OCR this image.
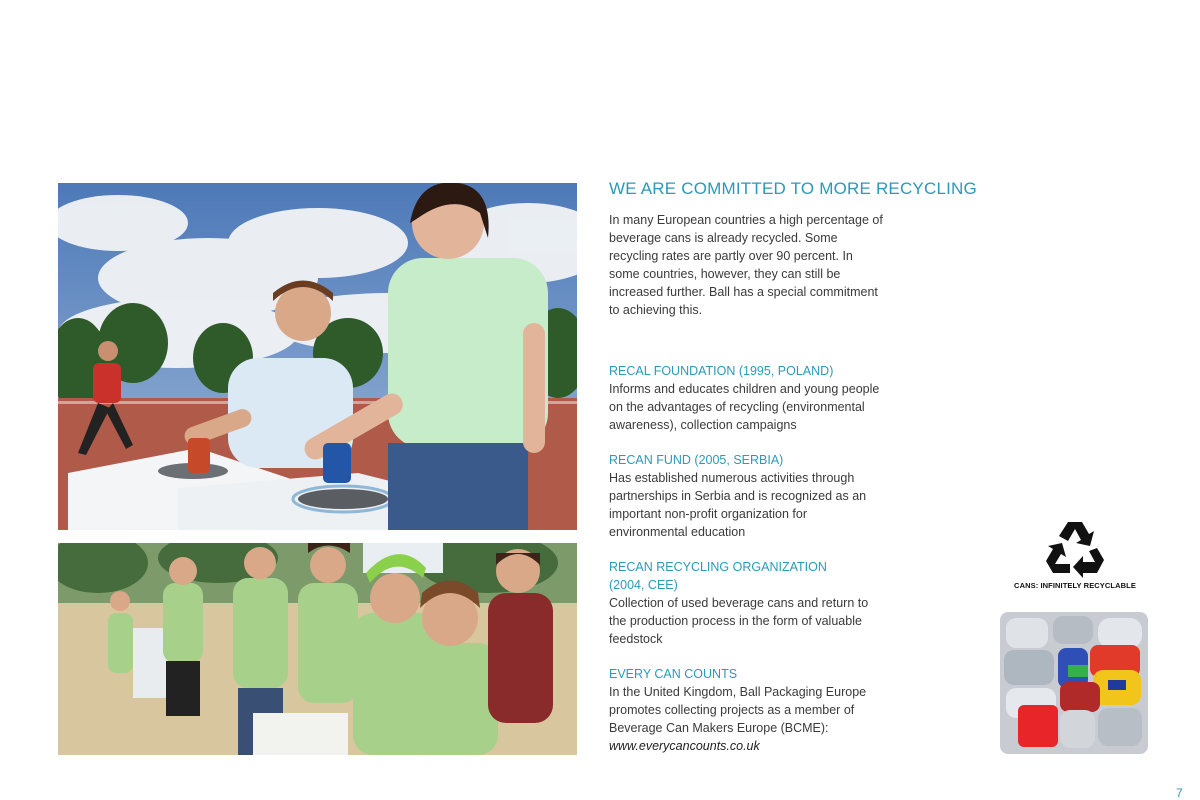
WE ARE COMMITTED TO MORE RECYCLING
In many European countries a high percentage of beverage cans is already recycled. Some recycling rates are partly over 90 percent. In some countries, however, they can still be increased further. Ball has a special commitment to achieving this.
RECAL FOUNDATION (1995, POLAND)
Informs and educates children and young people on the advantages of recycling (environmental awareness), collection campaigns
RECAN FUND (2005, SERBIA)
Has established numerous activities through partnerships in Serbia and is recognized as an important non-profit organization for environmental education
RECAN RECYCLING ORGANIZATION
(2004, CEE)
Collection of used beverage cans and return to the production process in the form of valuable feedstock
EVERY CAN COUNTS
In the United Kingdom, Ball Packaging Europe promotes collecting projects as a member of Beverage Can Makers Europe (BCME):
www.everycancounts.co.uk
CANS: INFINITELY RECYCLABLE
7
